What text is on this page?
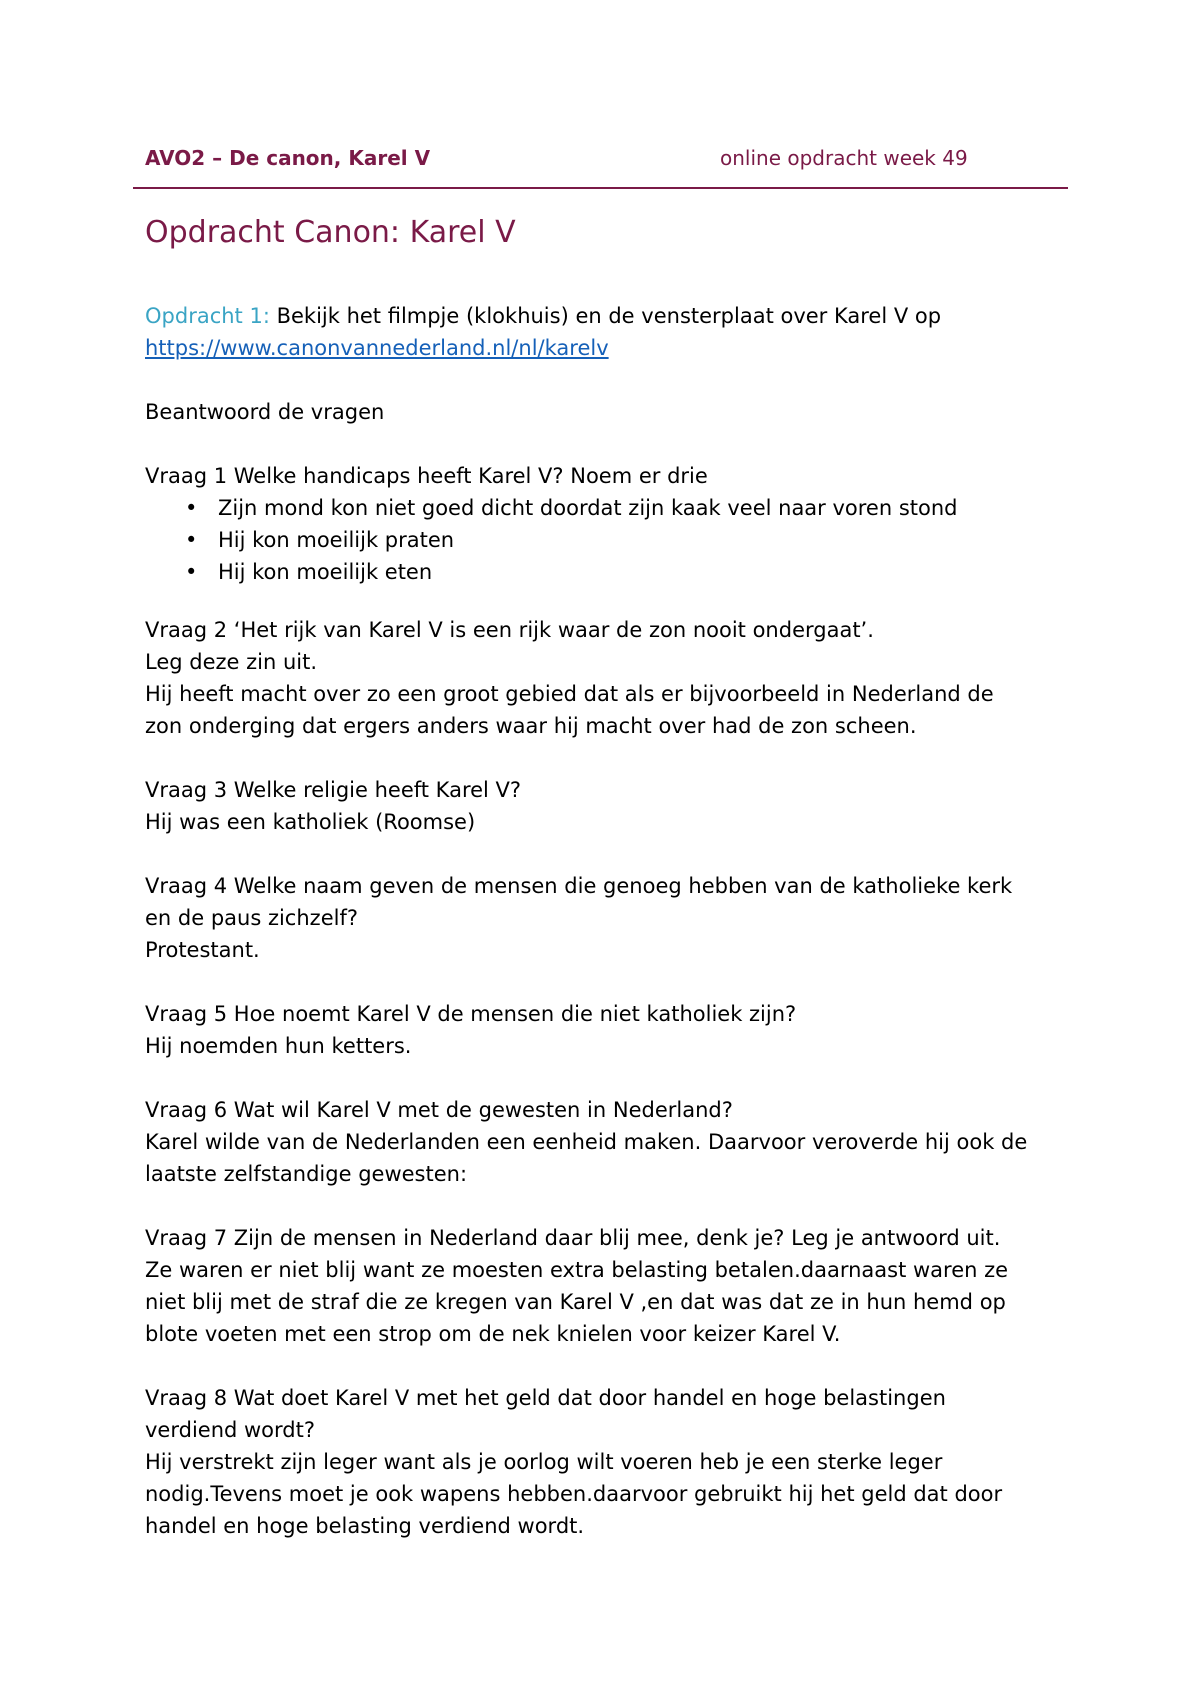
AVO2 – De canon, Karel V	online opdracht week 49
Opdracht Canon: Karel V

Opdracht 1: Bekijk het filmpje (klokhuis) en de vensterplaat over Karel V op

https://www.canonvannederland.nl/nl/karelv

Beantwoord de vragen

Vraag 1 Welke handicaps heeft Karel V? Noem er drie

• Zijn mond kon niet goed dicht doordat zijn kaak veel naar voren stond
• Hij kon moeilijk praten
• Hij kon moeilijk eten

Vraag 2 ‘Het rijk van Karel V is een rijk waar de zon nooit ondergaat’.

Leg deze zin uit.

Hij heeft macht over zo een groot gebied dat als er bijvoorbeeld in Nederland de

zon onderging dat ergers anders waar hij macht over had de zon scheen.

Vraag 3 Welke religie heeft Karel V?

Hij was een katholiek (Roomse)

Vraag 4 Welke naam geven de mensen die genoeg hebben van de katholieke kerk

en de paus zichzelf?

Protestant.

Vraag 5 Hoe noemt Karel V de mensen die niet katholiek zijn?

Hij noemden hun ketters.

Vraag 6 Wat wil Karel V met de gewesten in Nederland?

Karel wilde van de Nederlanden een eenheid maken. Daarvoor veroverde hij ook de

laatste zelfstandige gewesten:

Vraag 7 Zijn de mensen in Nederland daar blij mee, denk je? Leg je antwoord uit.

Ze waren er niet blij want ze moesten extra belasting betalen.daarnaast waren ze

niet blij met de straf die ze kregen van Karel V ,en dat was dat ze in hun hemd op

blote voeten met een strop om de nek knielen voor keizer Karel V.

Vraag 8 Wat doet Karel V met het geld dat door handel en hoge belastingen

verdiend wordt?

Hij verstrekt zijn leger want als je oorlog wilt voeren heb je een sterke leger

nodig.Tevens moet je ook wapens hebben.daarvoor gebruikt hij het geld dat door

handel en hoge belasting verdiend wordt.
